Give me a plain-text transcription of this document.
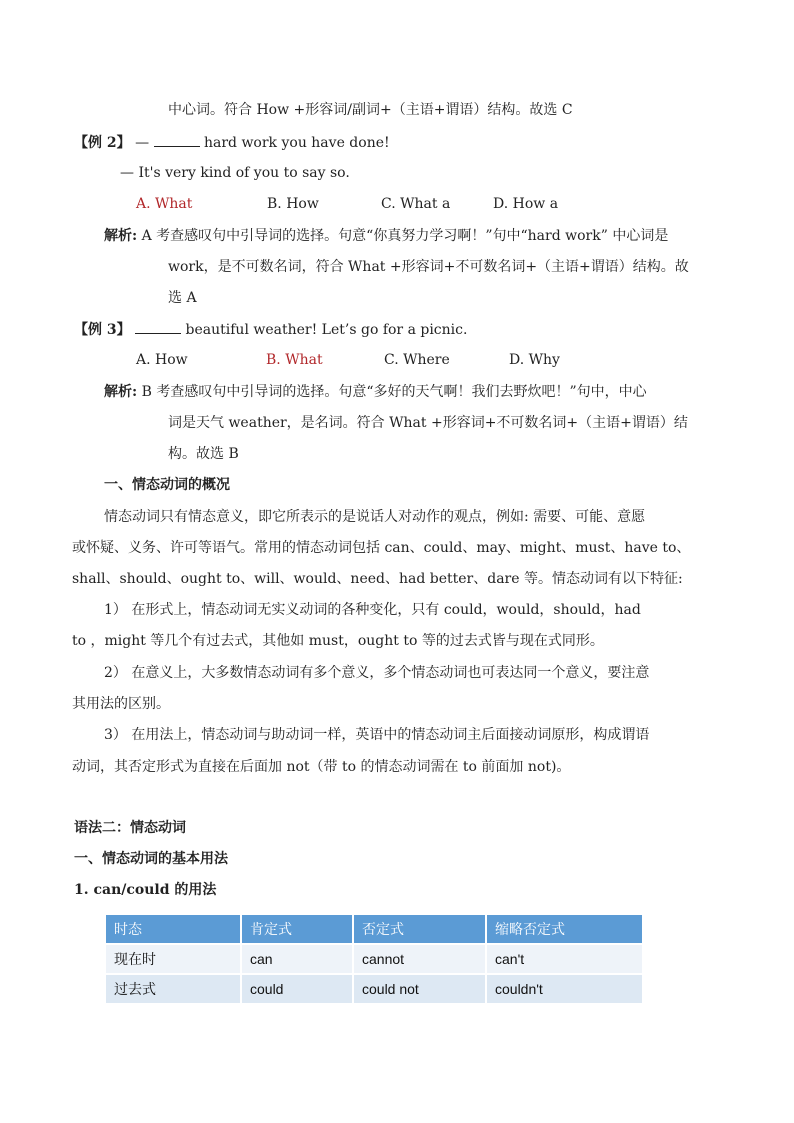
中心词。符合 How +形容词/副词+（主语+谓语）结构。故选 C
【例 2】 —	hard work you have done!
— It's very kind of you to say so.
A. What	B. How	C. What a	D. How a
解析: A 考查感叹句中引导词的选择。句意“你真努力学习啊！”句中“hard work” 中心词是
work，是不可数名词，符合 What +形容词+不可数名词+（主语+谓语）结构。故
选 A
【例 3】	beautiful weather! Let’s go for a picnic.
A. How	B. What	C. Where	D. Why
解析: B 考查感叹句中引导词的选择。句意“多好的天气啊！我们去野炊吧！”句中，中心
词是天气 weather，是名词。符合 What +形容词+不可数名词+（主语+谓语）结
构。故选 B
一、情态动词的概况
情态动词只有情态意义，即它所表示的是说话人对动作的观点，例如: 需要、可能、意愿
或怀疑、义务、许可等语气。常用的情态动词包括 can、could、may、might、must、have to、
shall、should、ought to、will、would、need、had better、dare 等。情态动词有以下特征:
1） 在形式上，情态动词无实义动词的各种变化，只有 could，would，should，had
to ，might 等几个有过去式，其他如 must，ought to 等的过去式皆与现在式同形。
2） 在意义上，大多数情态动词有多个意义，多个情态动词也可表达同一个意义，要注意
其用法的区别。
3） 在用法上，情态动词与助动词一样，英语中的情态动词主后面接动词原形，构成谓语
动词，其否定形式为直接在后面加 not（带 to 的情态动词需在 to 前面加 not)。
语法二：情态动词
一、情态动词的基本用法
1. can/could 的用法
时态	肯定式	否定式	缩略否定式
现在时	can	cannot	can't
过去式	could	could not	couldn't
